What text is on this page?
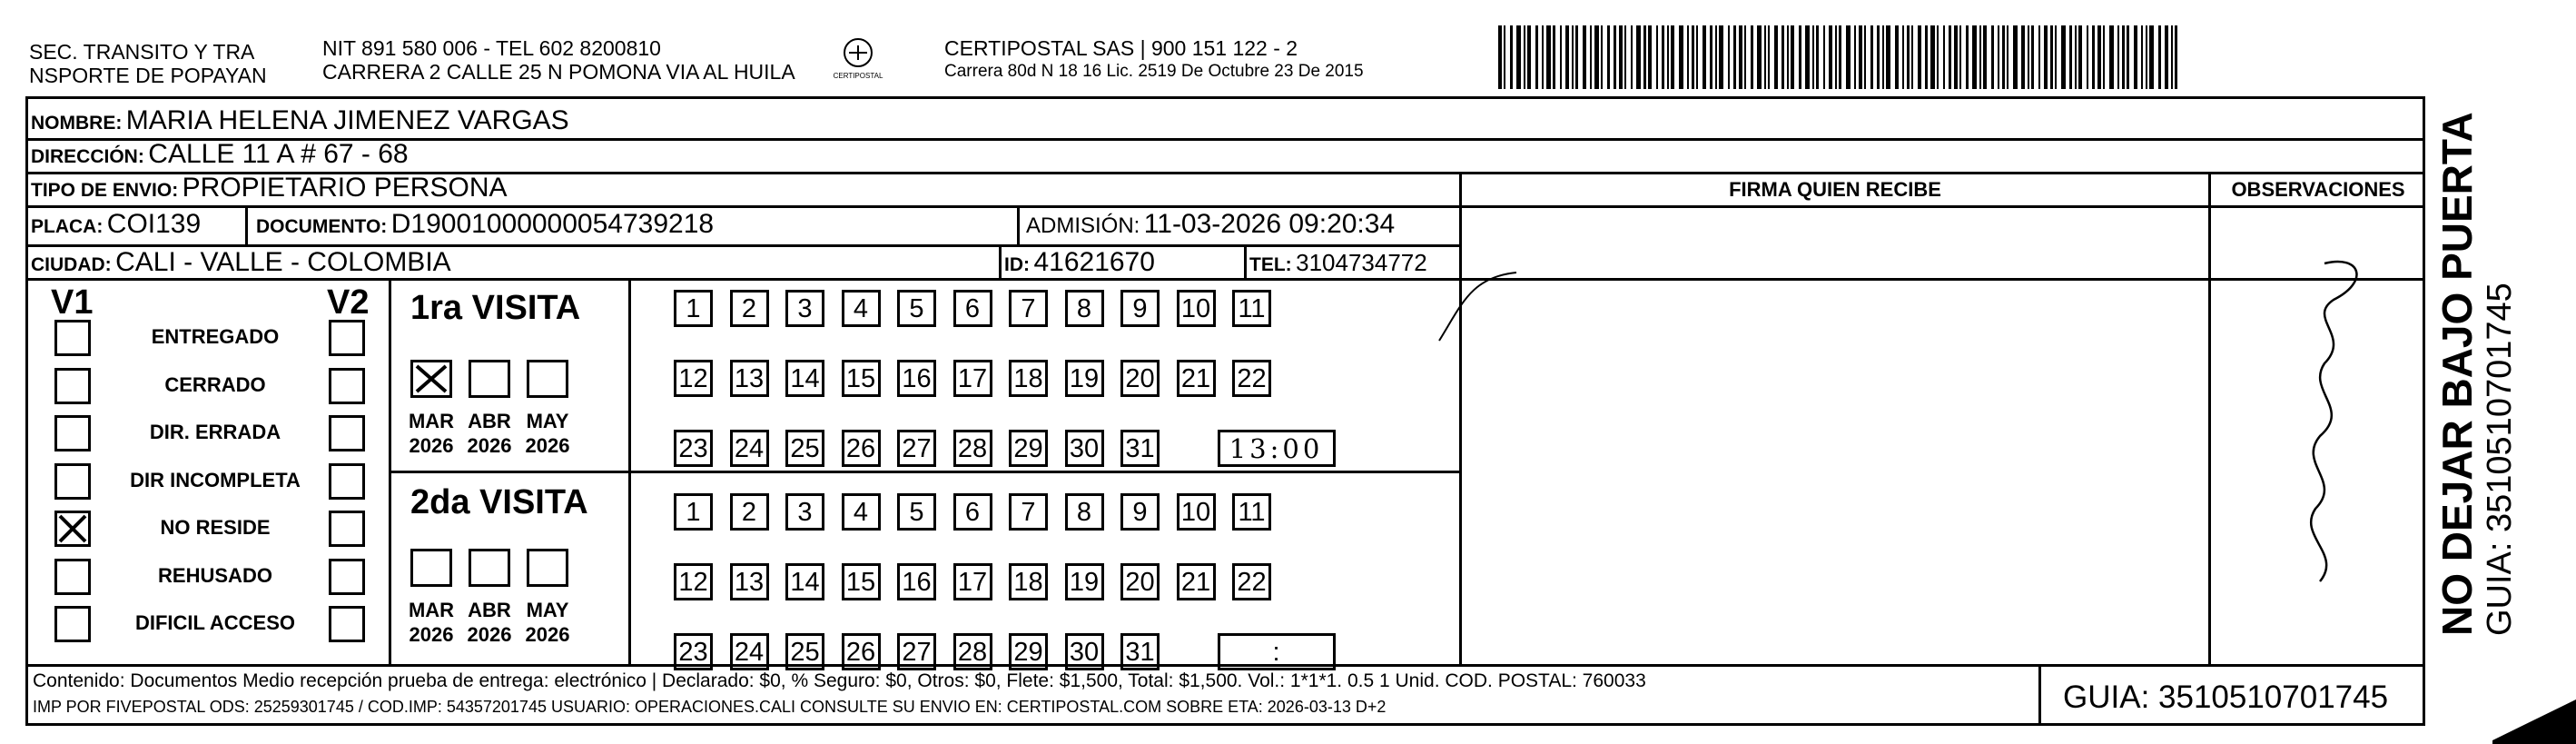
SEC. TRANSITO Y TRA
NSPORTE DE POPAYAN
NIT 891 580 006 - TEL 602 8200810
CARRERA 2 CALLE 25 N POMONA VIA AL HUILA	CERTIPOSTAL
CERTIPOSTAL SAS | 900 151 122 - 2
Carrera 80d N 18 16 Lic. 2519 De Octubre 23 De 2015
NOMBRE: MARIA HELENA JIMENEZ VARGAS
DIRECCIÓN: CALLE 11 A # 67 - 68
TIPO DE ENVIO: PROPIETARIO PERSONA	FIRMA QUIEN RECIBE	OBSERVACIONES
PLACA: COI139	DOCUMENTO: D19001000000054739218	ADMISIÓN: 11-03-2026 09:20:34
CIUDAD: CALI - VALLE - COLOMBIA	ID: 41621670	TEL: 3104734772
V1	V2
ENTREGADO
CERRADO
DIR. ERRADA
DIR INCOMPLETA
NO RESIDE
REHUSADO
DIFICIL ACCESO
1ra VISITA
2da VISITA
MAR
2026
ABR
2026
MAY
2026
MAR
2026
ABR
2026
MAY
2026
1	2	3	4	5	6	7	8	9	10 11
12 13 14 15 16 17 18 19 20 21 22
23 24 25 26 27 28 29 30 31	13:00
1	2	3	4	5	6	7	8	9	10 11
12 13 14 15 16 17 18 19 20 21 22
23 24 25 26 27 28 29 30 31	:
Contenido: Documentos Medio recepción prueba de entrega: electrónico | Declarado: $0, % Seguro: $0, Otros: $0, Flete: $1,500, Total: $1,500. Vol.: 1*1*1. 0.5 1 Unid. COD. POSTAL: 760033
IMP POR FIVEPOSTAL ODS: 25259301745 / COD.IMP: 54357201745 USUARIO: OPERACIONES.CALI CONSULTE SU ENVIO EN: CERTIPOSTAL.COM SOBRE ETA: 2026-03-13 D+2	GUIA: 3510510701745
NO DEJAR BAJO PUERTA GUIA: 3510510701745
